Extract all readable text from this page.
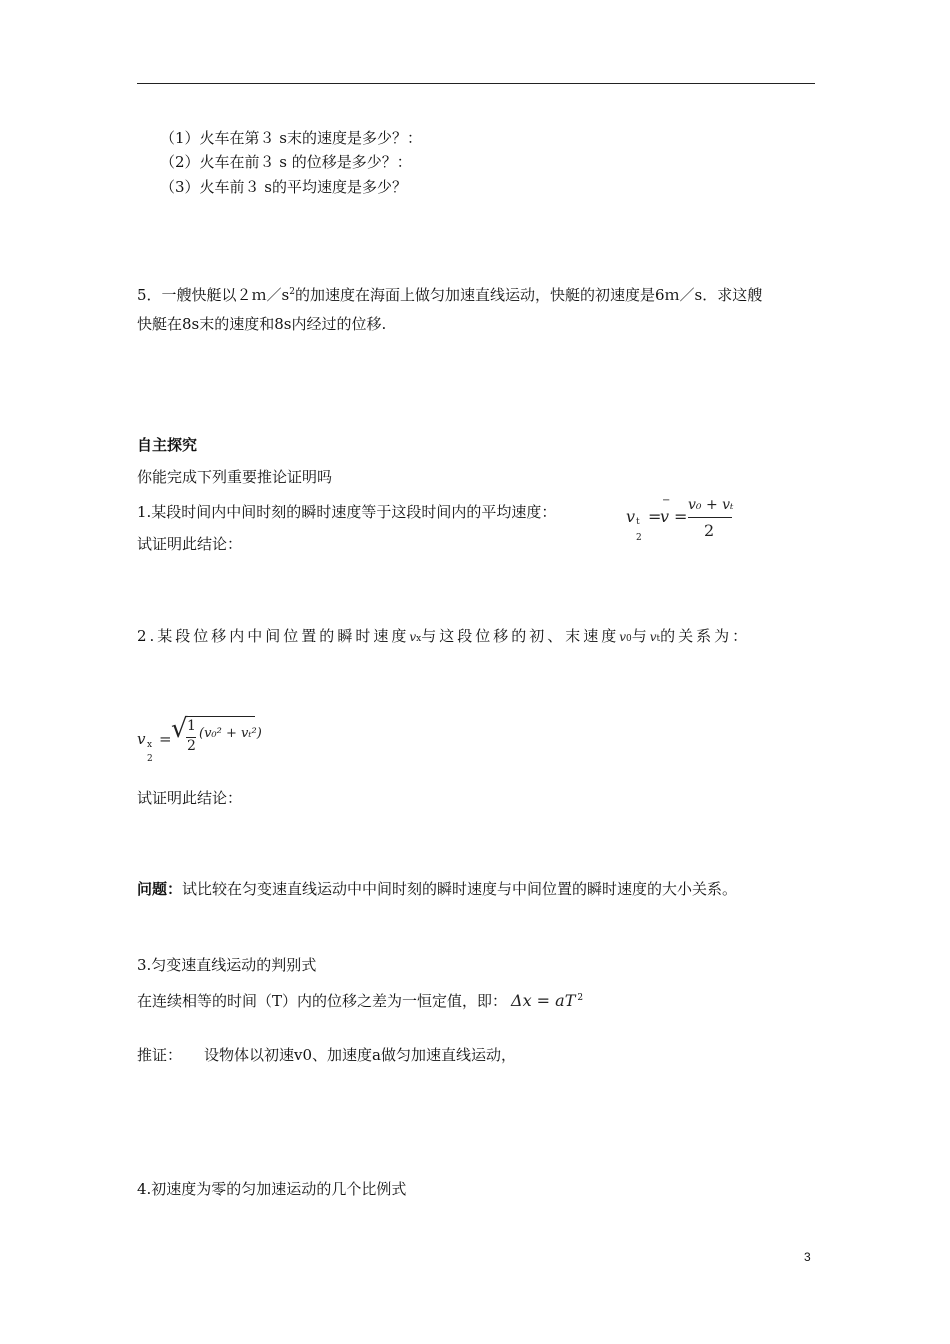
（1）火车在第３ s末的速度是多少？：
（2）火车在前３ s 的位移是多少？：
（3）火车前３ s的平均速度是多少？
5．一艘快艇以$2m/s^2$的加速度在海面上做匀加速直线运动，快艇的初速度是6ｍ／s．求这艘
快艇在8s末的速度和8s内经过的位移.
自主探究
你能完成下列重要推论证明吗
1.某段时间内中间时刻的瞬时速度等于这段时间内的平均速度：
试证明此结论：
v t
2
=
−
v =
v₀ + vₜ
2
2.某段位移内中间位置的瞬时速度vx与这段位移的初、末速度v0与vt的关系为：
v x
2
= √ 1
2
(v₀² + vₜ²)
试证明此结论：
问题：试比较在匀变速直线运动中中间时刻的瞬时速度与中间位置的瞬时速度的大小关系。
3.匀变速直线运动的判别式
在连续相等的时间（T）内的位移之差为一恒定值，即： Δx = aT $^2$
推证： 设物体以初速v0、加速度a做匀加速直线运动，
4.初速度为零的匀加速运动的几个比例式
3
